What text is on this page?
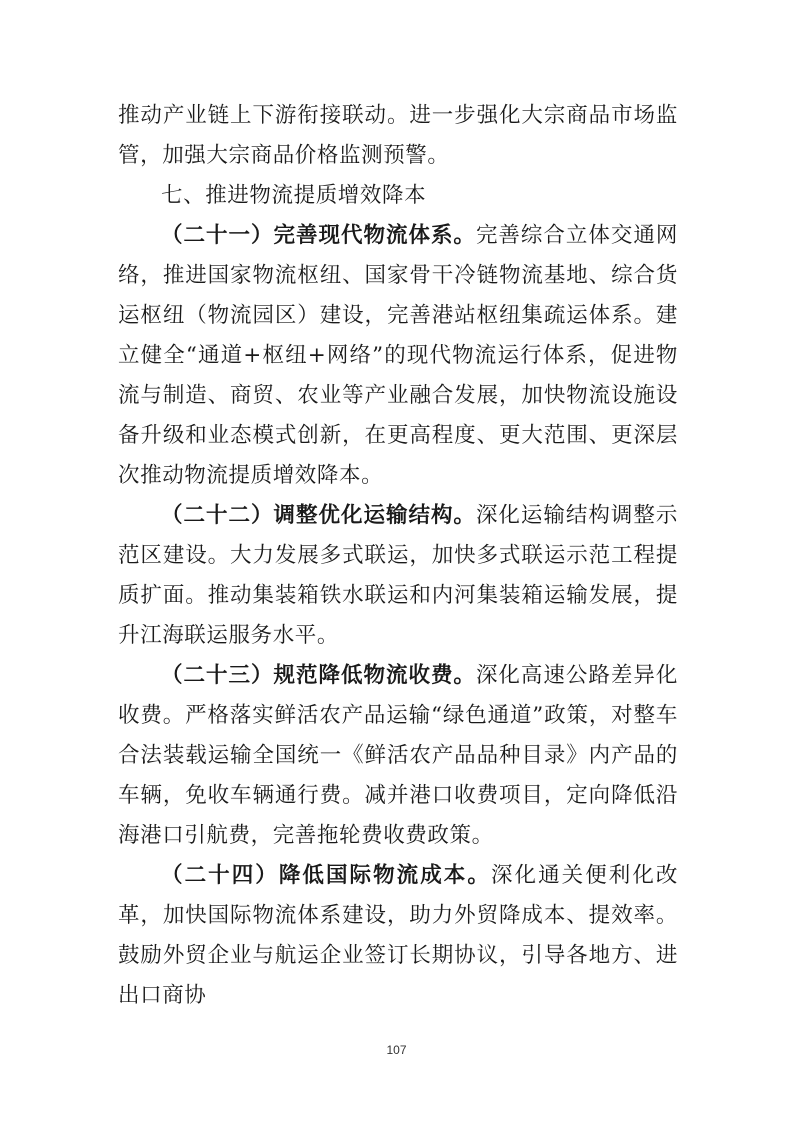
推动产业链上下游衔接联动。进一步强化大宗商品市场监管，加强大宗商品价格监测预警。

七、推进物流提质增效降本

（二十一）完善现代物流体系。完善综合立体交通网络，推进国家物流枢纽、国家骨干冷链物流基地、综合货运枢纽（物流园区）建设，完善港站枢纽集疏运体系。建立健全“通道+枢纽+网络”的现代物流运行体系，促进物流与制造、商贸、农业等产业融合发展，加快物流设施设备升级和业态模式创新，在更高程度、更大范围、更深层次推动物流提质增效降本。

（二十二）调整优化运输结构。深化运输结构调整示范区建设。大力发展多式联运，加快多式联运示范工程提质扩面。推动集装箱铁水联运和内河集装箱运输发展，提升江海联运服务水平。

（二十三）规范降低物流收费。深化高速公路差异化收费。严格落实鲜活农产品运输“绿色通道”政策，对整车合法装载运输全国统一《鲜活农产品品种目录》内产品的车辆，免收车辆通行费。减并港口收费项目，定向降低沿海港口引航费，完善拖轮费收费政策。

（二十四）降低国际物流成本。深化通关便利化改革，加快国际物流体系建设，助力外贸降成本、提效率。鼓励外贸企业与航运企业签订长期协议，引导各地方、进出口商协

107
